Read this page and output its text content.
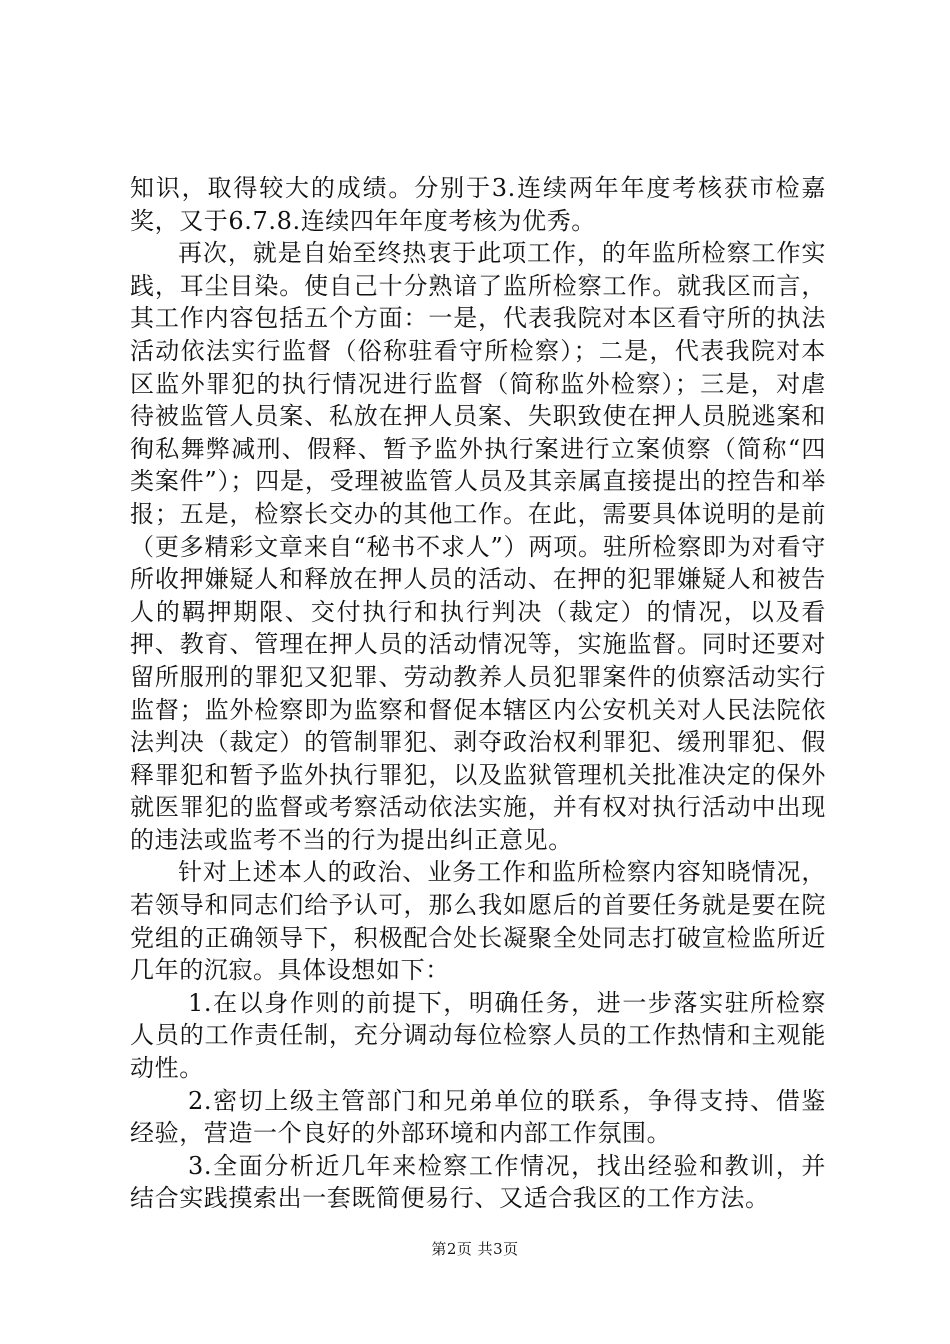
知识，取得较大的成绩。分别于3.连续两年年度考核获市检嘉奖，又于6.7.8.连续四年年度考核为优秀。

再次，就是自始至终热衷于此项工作，的年监所检察工作实践，耳尘目染。使自己十分熟谙了监所检察工作。就我区而言，其工作内容包括五个方面：一是，代表我院对本区看守所的执法活动依法实行监督（俗称驻看守所检察）；二是，代表我院对本区监外罪犯的执行情况进行监督（简称监外检察）；三是，对虐待被监管人员案、私放在押人员案、失职致使在押人员脱逃案和徇私舞弊减刑、假释、暂予监外执行案进行立案侦察（简称“四类案件”）；四是，受理被监管人员及其亲属直接提出的控告和举报；五是，检察长交办的其他工作。在此，需要具体说明的是前（更多精彩文章来自“秘书不求人”）两项。驻所检察即为对看守所收押嫌疑人和释放在押人员的活动、在押的犯罪嫌疑人和被告人的羁押期限、交付执行和执行判决（裁定）的情况，以及看押、教育、管理在押人员的活动情况等，实施监督。同时还要对留所服刑的罪犯又犯罪、劳动教养人员犯罪案件的侦察活动实行监督；监外检察即为监察和督促本辖区内公安机关对人民法院依法判决（裁定）的管制罪犯、剥夺政治权利罪犯、缓刑罪犯、假释罪犯和暂予监外执行罪犯，以及监狱管理机关批准决定的保外就医罪犯的监督或考察活动依法实施，并有权对执行活动中出现的违法或监考不当的行为提出纠正意见。

针对上述本人的政治、业务工作和监所检察内容知晓情况，若领导和同志们给予认可，那么我如愿后的首要任务就是要在院党组的正确领导下，积极配合处长凝聚全处同志打破宣检监所近几年的沉寂。具体设想如下：

1.在以身作则的前提下，明确任务，进一步落实驻所检察人员的工作责任制，充分调动每位检察人员的工作热情和主观能动性。

2.密切上级主管部门和兄弟单位的联系，争得支持、借鉴经验，营造一个良好的外部环境和内部工作氛围。

3.全面分析近几年来检察工作情况，找出经验和教训，并结合实践摸索出一套既简便易行、又适合我区的工作方法。

第2页 共3页
